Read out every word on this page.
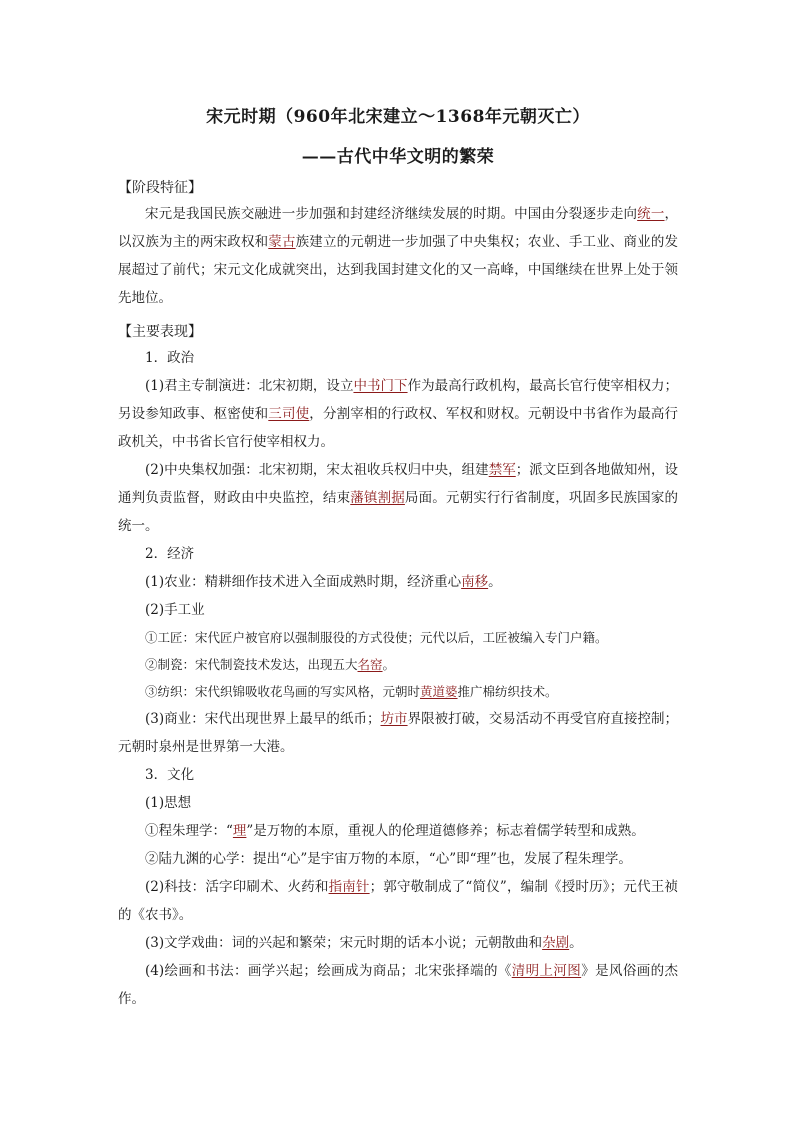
宋元时期（960年北宋建立～1368年元朝灭亡）
——古代中华文明的繁荣
【阶段特征】

宋元是我国民族交融进一步加强和封建经济继续发展的时期。中国由分裂逐步走向统一，以汉族为主的两宋政权和蒙古族建立的元朝进一步加强了中央集权；农业、手工业、商业的发展超过了前代；宋元文化成就突出，达到我国封建文化的又一高峰，中国继续在世界上处于领先地位。

【主要表现】

1．政治

(1)君主专制演进：北宋初期，设立中书门下作为最高行政机构，最高长官行使宰相权力；另设参知政事、枢密使和三司使，分割宰相的行政权、军权和财权。元朝设中书省作为最高行政机关，中书省长官行使宰相权力。

(2)中央集权加强：北宋初期，宋太祖收兵权归中央，组建禁军；派文臣到各地做知州，设通判负责监督，财政由中央监控，结束藩镇割据局面。元朝实行行省制度，巩固多民族国家的统一。

2．经济

(1)农业：精耕细作技术进入全面成熟时期，经济重心南移。

(2)手工业

①工匠：宋代匠户被官府以强制服役的方式役使；元代以后，工匠被编入专门户籍。

②制瓷：宋代制瓷技术发达，出现五大名窑。

③纺织：宋代织锦吸收花鸟画的写实风格，元朝时黄道婆推广棉纺织技术。

(3)商业：宋代出现世界上最早的纸币；坊市界限被打破，交易活动不再受官府直接控制；元朝时泉州是世界第一大港。

3．文化

(1)思想

①程朱理学：“理”是万物的本原，重视人的伦理道德修养；标志着儒学转型和成熟。

②陆九渊的心学：提出“心”是宇宙万物的本原，“心”即“理”也，发展了程朱理学。

(2)科技：活字印刷术、火药和指南针；郭守敬制成了“简仪”，编制《授时历》；元代王祯的《农书》。

(3)文学戏曲：词的兴起和繁荣；宋元时期的话本小说；元朝散曲和杂剧。

(4)绘画和书法：画学兴起；绘画成为商品；北宋张择端的《清明上河图》是风俗画的杰作。
